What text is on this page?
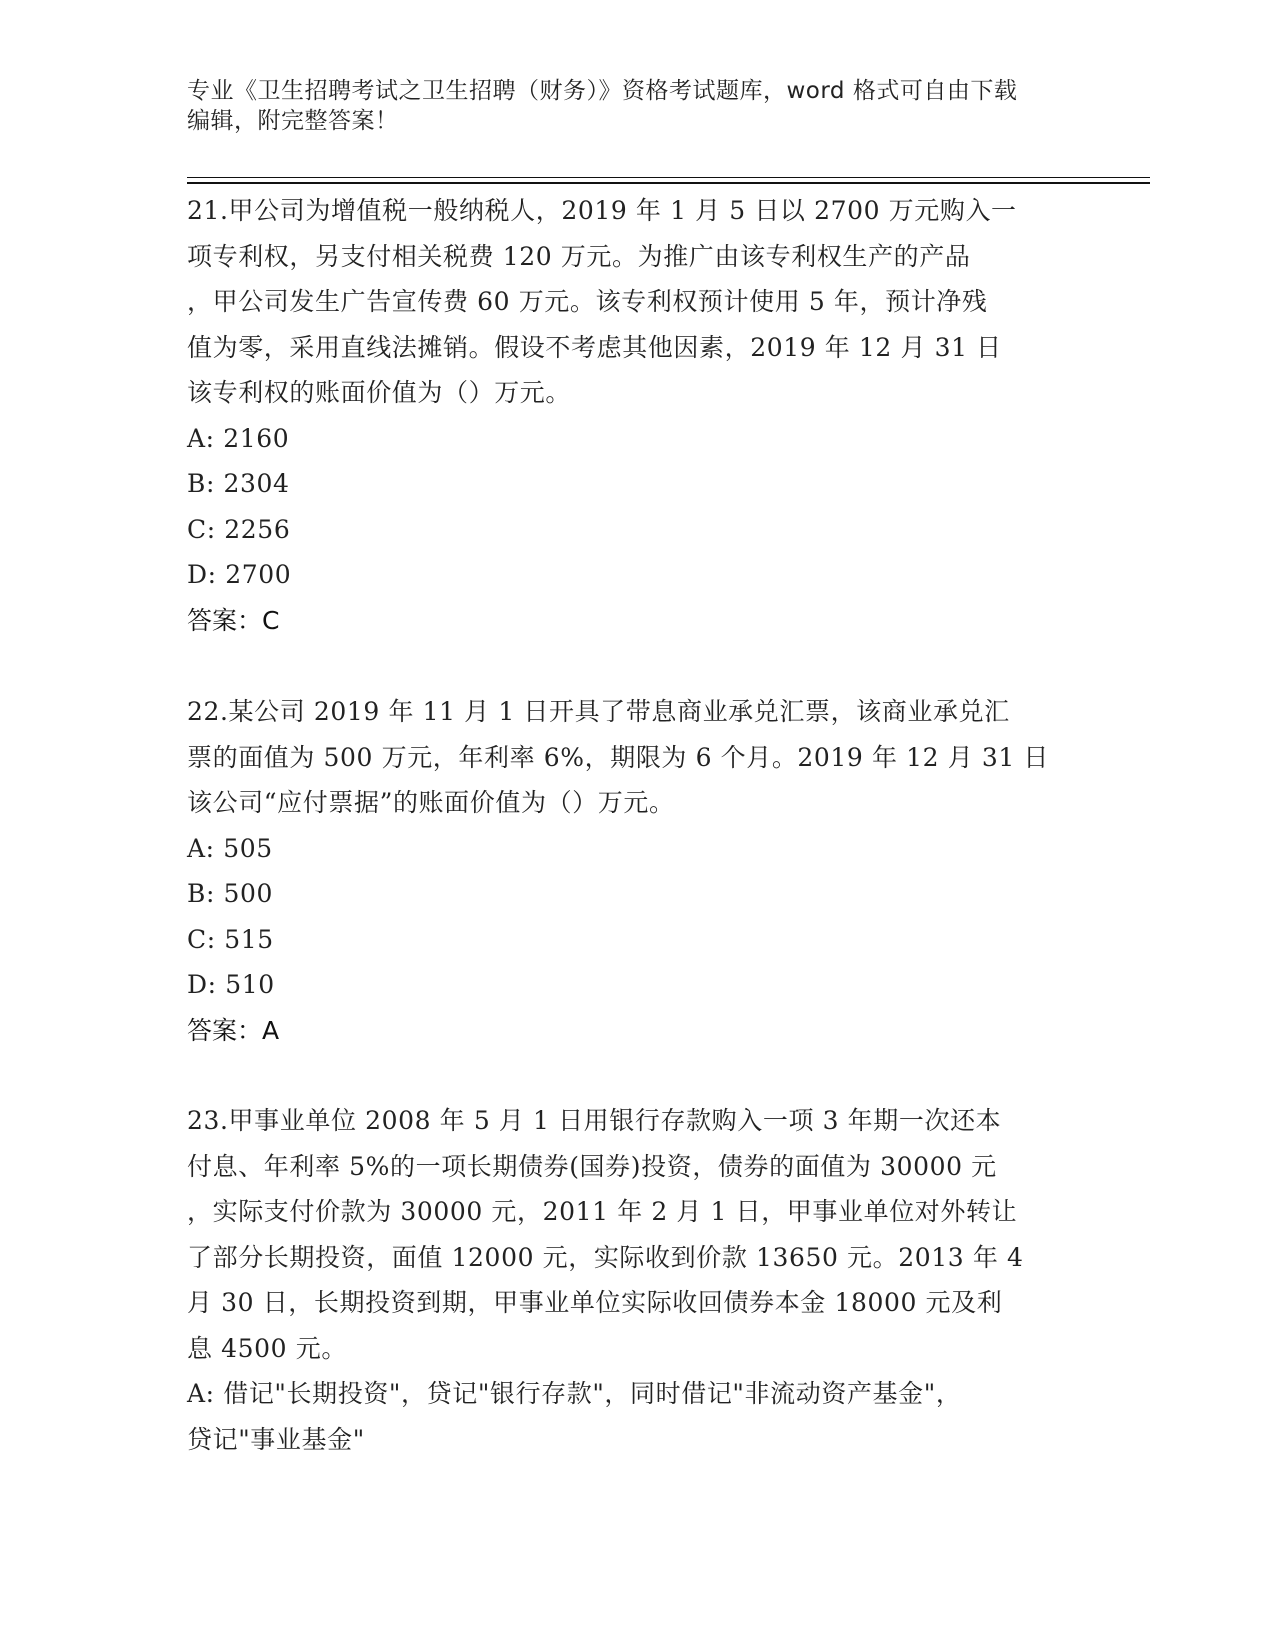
专业《卫生招聘考试之卫生招聘（财务）》资格考试题库，word 格式可自由下载
编辑，附完整答案！

21.甲公司为增值税一般纳税人，2019 年 1 月 5 日以 2700 万元购入一

项专利权，另支付相关税费 120 万元。为推广由该专利权生产的产品

，甲公司发生广告宣传费 60 万元。该专利权预计使用 5 年，预计净残

值为零，采用直线法摊销。假设不考虑其他因素，2019 年 12 月 31 日

该专利权的账面价值为（）万元。

A: 2160

B: 2304

C: 2256

D: 2700

答案：C

22.某公司 2019 年 11 月 1 日开具了带息商业承兑汇票，该商业承兑汇

票的面值为 500 万元，年利率 6%，期限为 6 个月。2019 年 12 月 31 日

该公司“应付票据”的账面价值为（）万元。

A: 505

B: 500

C: 515

D: 510

答案：A

23.甲事业单位 2008 年 5 月 1 日用银行存款购入一项 3 年期一次还本

付息、年利率 5%的一项长期债券(国券)投资，债券的面值为 30000 元

，实际支付价款为 30000 元，2011 年 2 月 1 日，甲事业单位对外转让

了部分长期投资，面值 12000 元，实际收到价款 13650 元。2013 年 4

月 30 日，长期投资到期，甲事业单位实际收回债券本金 18000 元及利

息 4500 元。

A: 借记"长期投资"，贷记"银行存款"，同时借记"非流动资产基金"，

贷记"事业基金"
